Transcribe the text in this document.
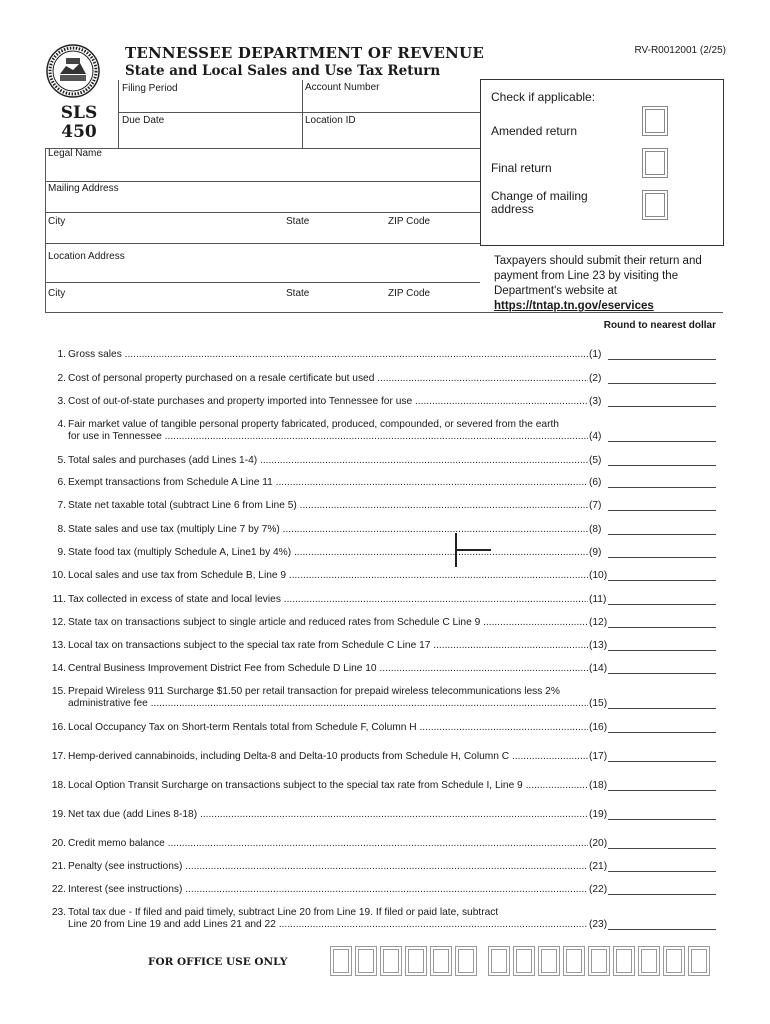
TENNESSEE DEPARTMENT OF REVENUE
State and Local Sales and Use Tax Return
RV-R0012001 (2/25)
SLS
450
Filing Period	Account Number
Due Date	Location ID
Legal Name
Mailing Address
City	State	ZIP Code
Location Address
City	State	ZIP Code
Check if applicable:
Amended return
Final return
Change of mailing address
Taxpayers should submit their return and payment from Line 23 by visiting the Department's website at
https://tntap.tn.gov/eservices
Round to nearest dollar
1. Gross sales .....	(1)
2. Cost of personal property purchased on a resale certificate but used .....	(2)
3. Cost of out-of-state purchases and property imported into Tennessee for use .....	(3)
4. Fair market value of tangible personal property fabricated, produced, compounded, or severed from the earth
for use in Tennessee .....	(4)
5. Total sales and purchases (add Lines 1-4) .....	(5)
6. Exempt transactions from Schedule A Line 11 .....	(6)
7. State net taxable total (subtract Line 6 from Line 5) .....	(7)
8. State sales and use tax (multiply Line 7 by 7%) .....	(8)
9. State food tax (multiply Schedule A, Line1 by 4%) .....	(9)
10. Local sales and use tax from Schedule B, Line 9 .....	(10)
11. Tax collected in excess of state and local levies .....	(11)
12. State tax on transactions subject to single article and reduced rates from Schedule C Line 9 .....	(12)
13. Local tax on transactions subject to the special tax rate from Schedule C Line 17 .....	(13)
14. Central Business Improvement District Fee from Schedule D Line 10 .....	(14)
15. Prepaid Wireless 911 Surcharge $1.50 per retail transaction for prepaid wireless telecommunications less 2%
administrative fee .....	(15)
16. Local Occupancy Tax on Short-term Rentals total from Schedule F, Column H .....	(16)
17. Hemp-derived cannabinoids, including Delta-8 and Delta-10 products from Schedule H, Column C .....	(17)
18. Local Option Transit Surcharge on transactions subject to the special tax rate from Schedule I, Line 9 .....	(18)
19. Net tax due (add Lines 8-18) .....	(19)
20. Credit memo balance .....	(20)
21. Penalty (see instructions) .....	(21)
22. Interest (see instructions) .....	(22)
23. Total tax due - If filed and paid timely, subtract Line 20 from Line 19. If filed or paid late, subtract
Line 20 from Line 19 and add Lines 21 and 22 .....	(23)
FOR OFFICE USE ONLY
